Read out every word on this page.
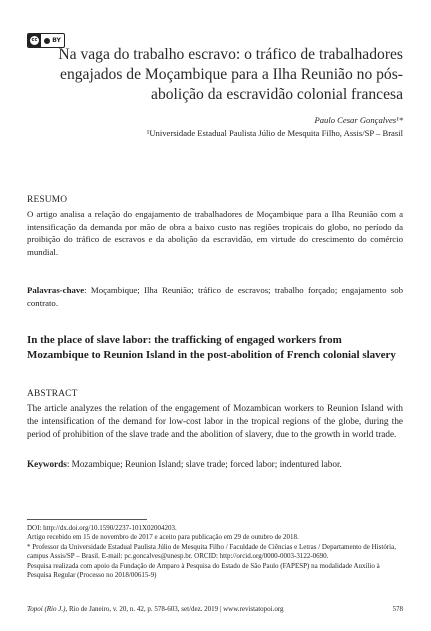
cc BY
Na vaga do trabalho escravo: o tráfico de trabalhadores engajados de Moçambique para a Ilha Reunião no pós-abolição da escravidão colonial francesa
Paulo Cesar Gonçalves¹*
¹Universidade Estadual Paulista Júlio de Mesquita Filho, Assis/SP – Brasil
RESUMO

O artigo analisa a relação do engajamento de trabalhadores de Moçambique para a Ilha Reunião com a intensificação da demanda por mão de obra a baixo custo nas regiões tropicais do globo, no período da proibição do tráfico de escravos e da abolição da escravidão, em virtude do crescimento do comércio mundial.

Palavras-chave: Moçambique; Ilha Reunião; tráfico de escravos; trabalho forçado; engajamento sob contrato.

In the place of slave labor: the trafficking of engaged workers from Mozambique to Reunion Island in the post-abolition of French colonial slavery

ABSTRACT

The article analyzes the relation of the engagement of Mozambican workers to Reunion Island with the intensification of the demand for low-cost labor in the tropical regions of the globe, during the period of prohibition of the slave trade and the abolition of slavery, due to the growth in world trade.

Keywords: Mozambique; Reunion Island; slave trade; forced labor; indentured labor.

DOI: http://dx.doi.org/10.1590/2237-101X02004203.

Artigo recebido em 15 de novembro de 2017 e aceito para publicação em 29 de outubro de 2018.

* Professor da Universidade Estadual Paulista Júlio de Mesquita Filho / Faculdade de Ciências e Letras / Departamento de História, campus Assis/SP – Brasil. E-mail: pc.goncalves@unesp.br. ORCID: http://orcid.org/0000-0003-3122-0690.

Pesquisa realizada com apoio da Fundação de Amparo à Pesquisa do Estado de São Paulo (FAPESP) na modalidade Auxílio à Pesquisa Regular (Processo no 2018/00615-9)

Topoi (Rio J.), Rio de Janeiro, v. 20, n. 42, p. 578-603, set/dez. 2019 | www.revistatopoi.org	578
